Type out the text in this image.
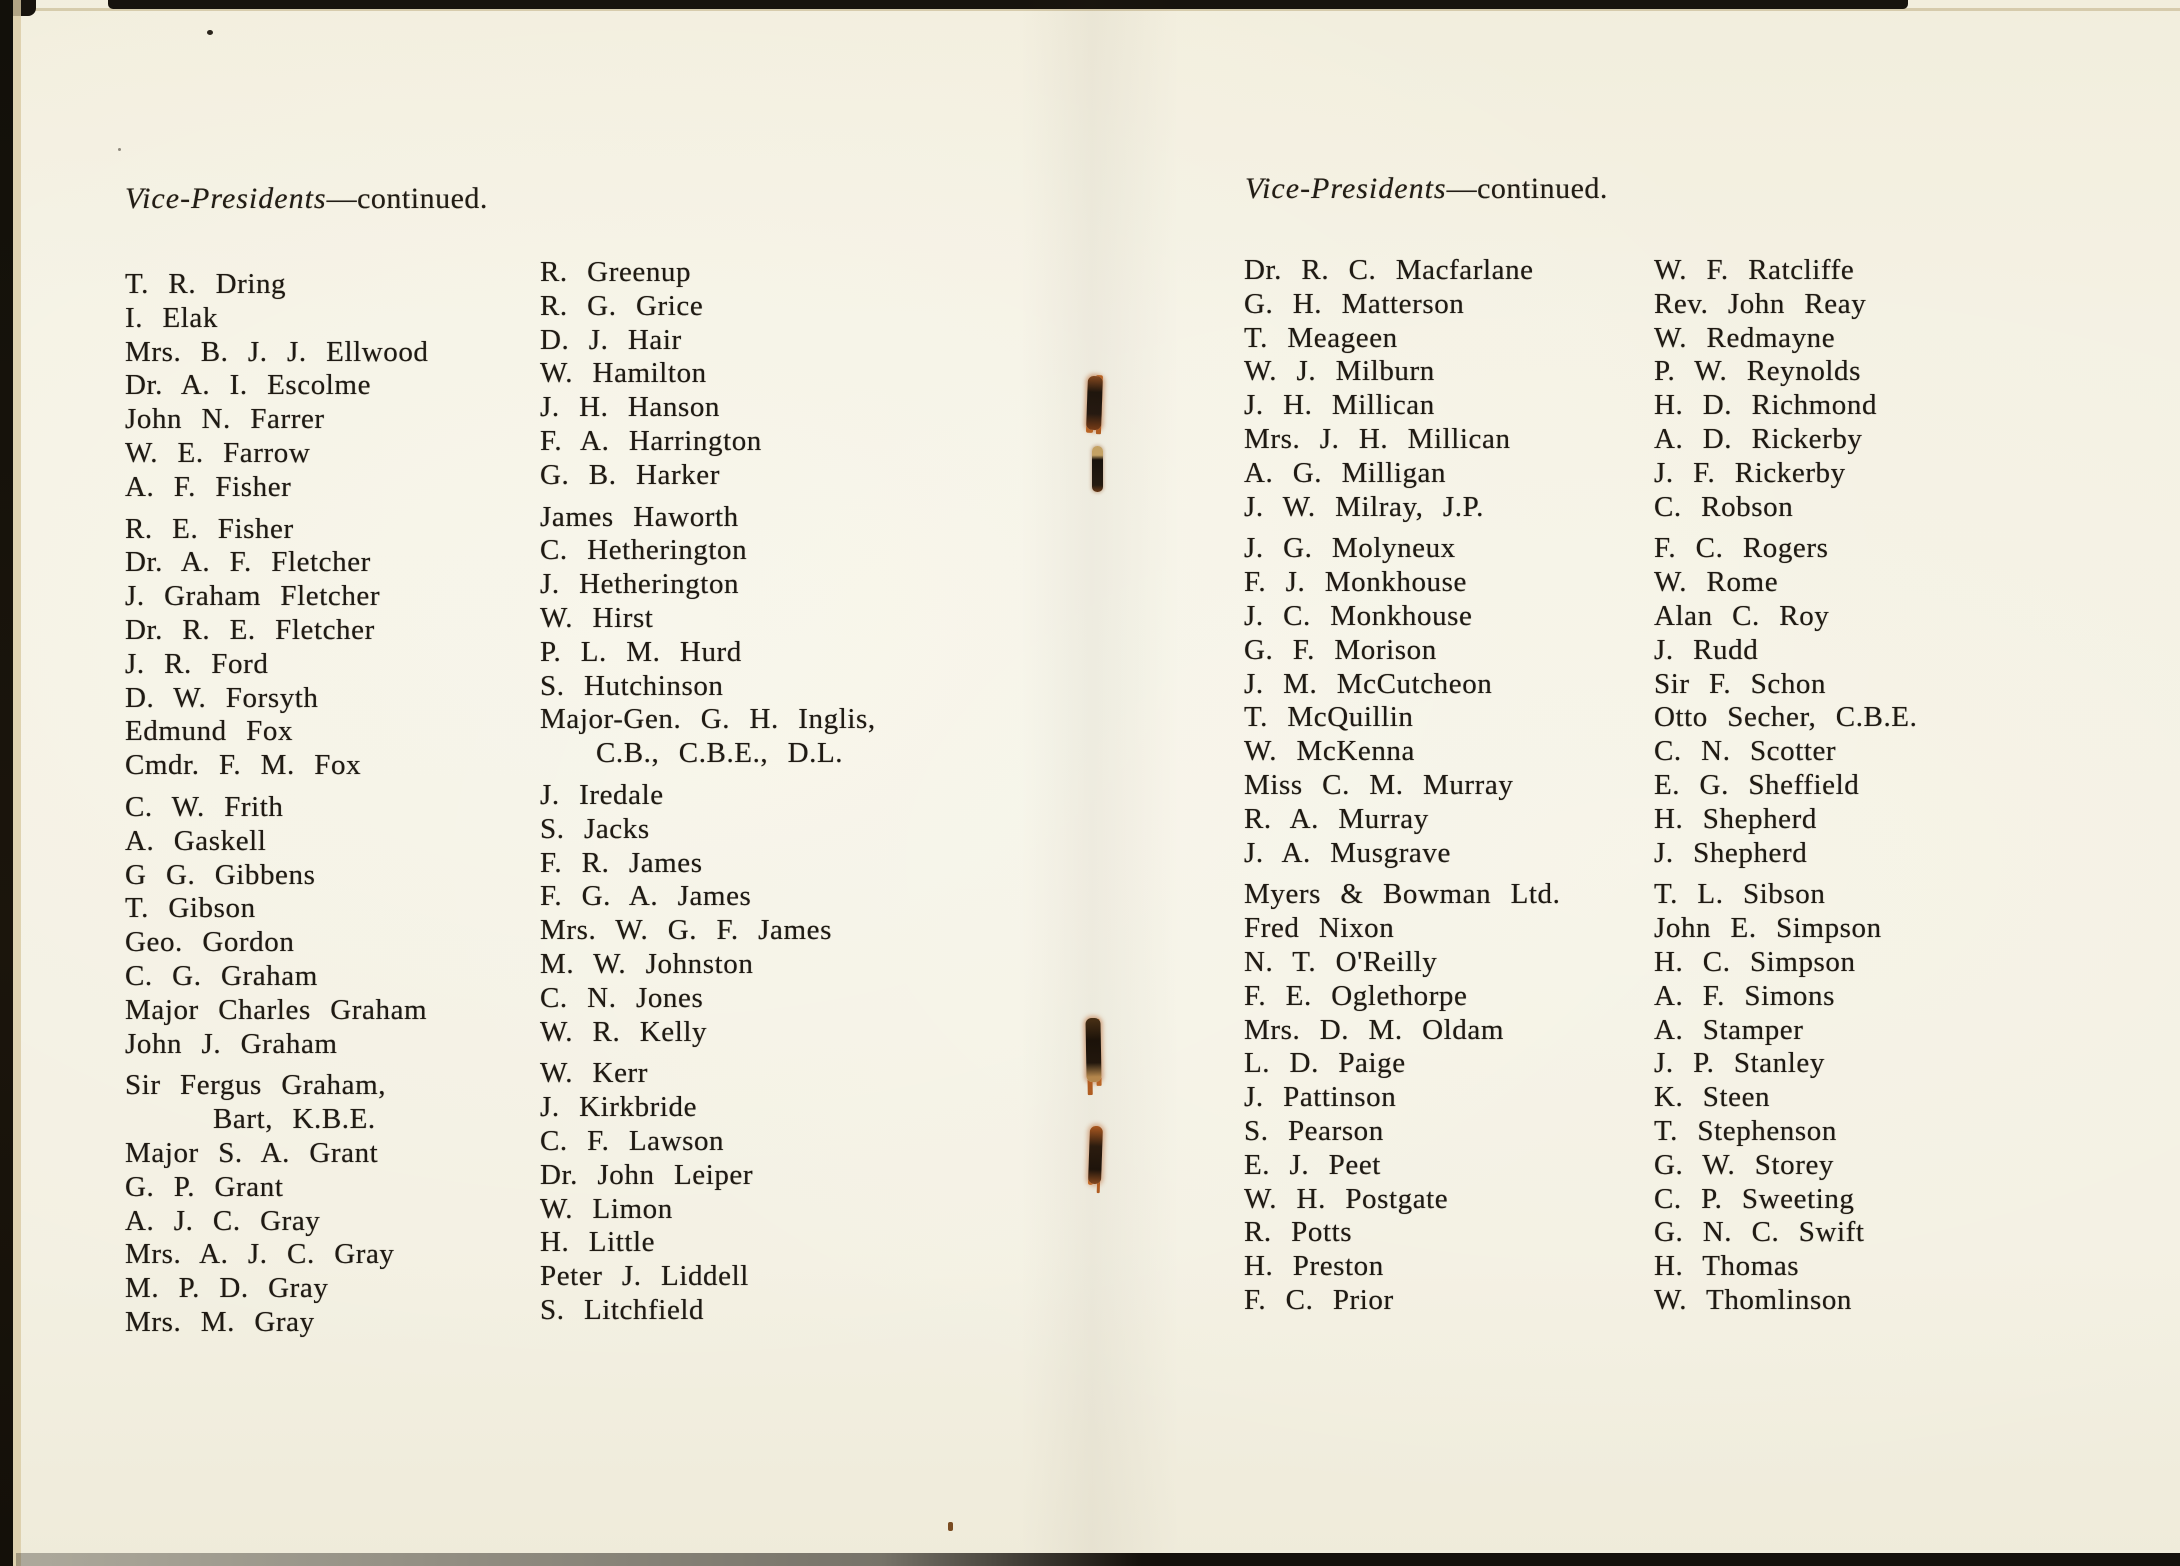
Vice-Presidents—continued.
T. R. Dring
I. Elak
Mrs. B. J. J. Ellwood
Dr. A. I. Escolme
John N. Farrer
W. E. Farrow
A. F. Fisher
R. E. Fisher
Dr. A. F. Fletcher
J. Graham Fletcher
Dr. R. E. Fletcher
J. R. Ford
D. W. Forsyth
Edmund Fox
Cmdr. F. M. Fox
C. W. Frith
A. Gaskell
G G. Gibbens
T. Gibson
Geo. Gordon
C. G. Graham
Major Charles Graham
John J. Graham
Sir Fergus Graham,
Bart, K.B.E.
Major S. A. Grant
G. P. Grant
A. J. C. Gray
Mrs. A. J. C. Gray
M. P. D. Gray
Mrs. M. Gray
R. Greenup
R. G. Grice
D. J. Hair
W. Hamilton
J. H. Hanson
F. A. Harrington
G. B. Harker
James Haworth
C. Hetherington
J. Hetherington
W. Hirst
P. L. M. Hurd
S. Hutchinson
Major-Gen. G. H. Inglis,
C.B., C.B.E., D.L.
J. Iredale
S. Jacks
F. R. James
F. G. A. James
Mrs. W. G. F. James
M. W. Johnston
C. N. Jones
W. R. Kelly
W. Kerr
J. Kirkbride
C. F. Lawson
Dr. John Leiper
W. Limon
H. Little
Peter J. Liddell
S. Litchfield
Vice-Presidents—continued.
Dr. R. C. Macfarlane
G. H. Matterson
T. Meageen
W. J. Milburn
J. H. Millican
Mrs. J. H. Millican
A. G. Milligan
J. W. Milray, J.P.
J. G. Molyneux
F. J. Monkhouse
J. C. Monkhouse
G. F. Morison
J. M. McCutcheon
T. McQuillin
W. McKenna
Miss C. M. Murray
R. A. Murray
J. A. Musgrave
Myers & Bowman Ltd.
Fred Nixon
N. T. O'Reilly
F. E. Oglethorpe
Mrs. D. M. Oldam
L. D. Paige
J. Pattinson
S. Pearson
E. J. Peet
W. H. Postgate
R. Potts
H. Preston
F. C. Prior
W. F. Ratcliffe
Rev. John Reay
W. Redmayne
P. W. Reynolds
H. D. Richmond
A. D. Rickerby
J. F. Rickerby
C. Robson
F. C. Rogers
W. Rome
Alan C. Roy
J. Rudd
Sir F. Schon
Otto Secher, C.B.E.
C. N. Scotter
E. G. Sheffield
H. Shepherd
J. Shepherd
T. L. Sibson
John E. Simpson
H. C. Simpson
A. F. Simons
A. Stamper
J. P. Stanley
K. Steen
T. Stephenson
G. W. Storey
C. P. Sweeting
G. N. C. Swift
H. Thomas
W. Thomlinson
